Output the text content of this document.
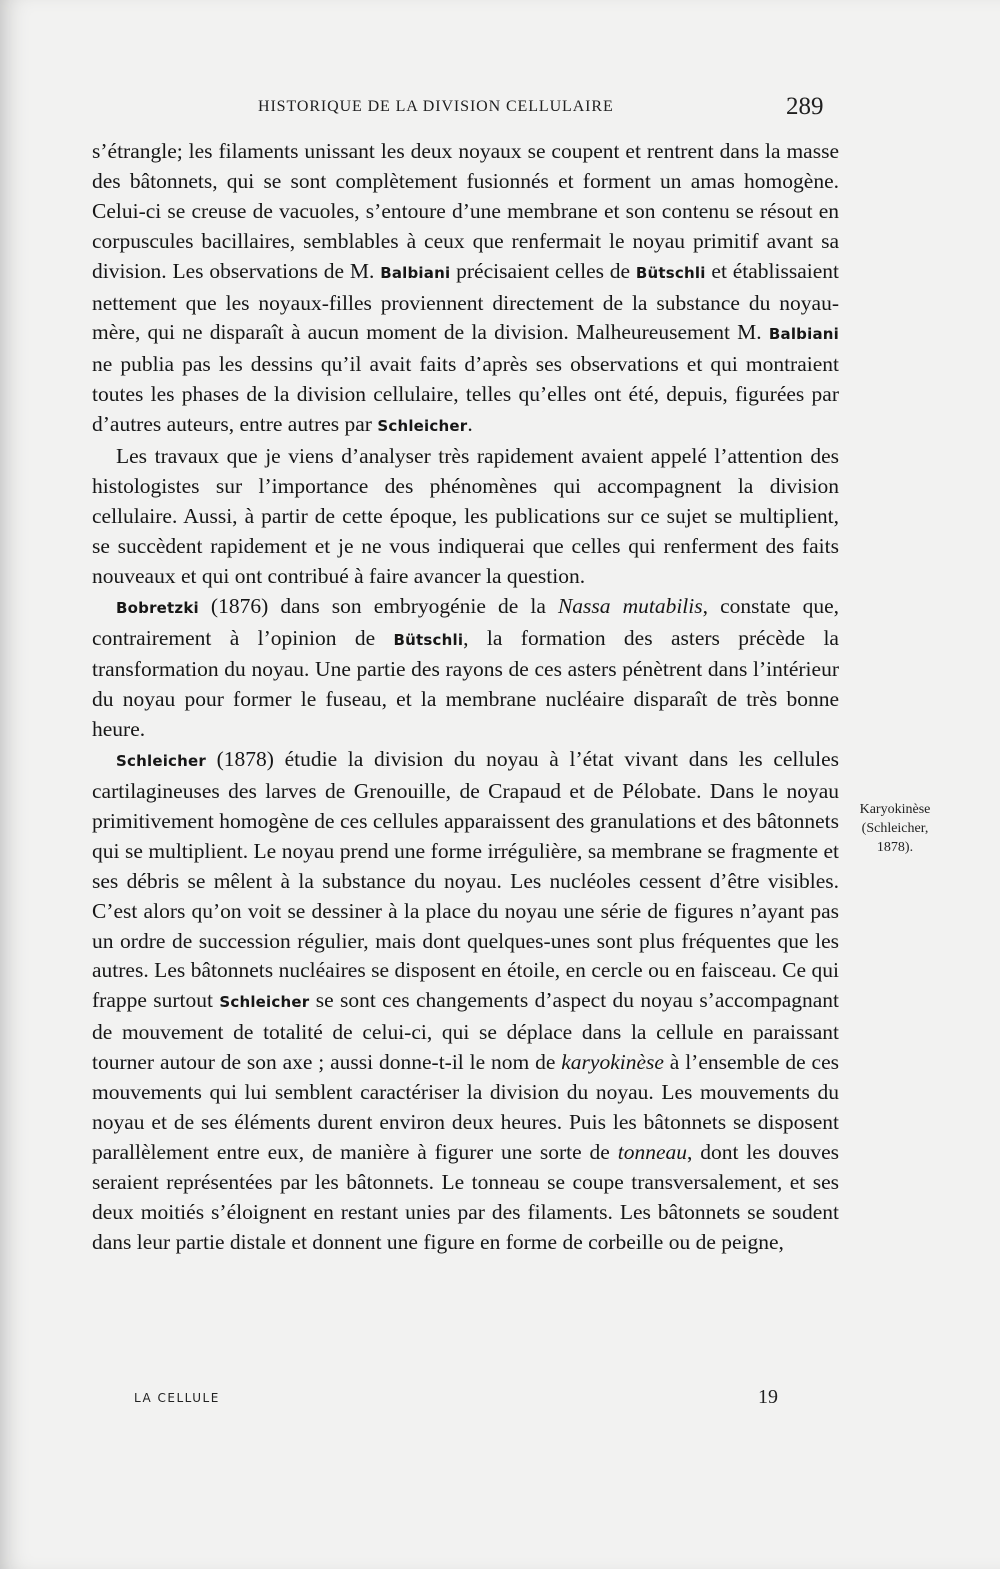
HISTORIQUE DE LA DIVISION CELLULAIRE	289

s’étrangle; les filaments unissant les deux noyaux se coupent et rentrent dans la masse des bâtonnets, qui se sont complètement fusionnés et forment un amas homogène. Celui-ci se creuse de vacuoles, s’entoure d’une membrane et son contenu se résout en corpuscules bacillaires, semblables à ceux que renfermait le noyau primitif avant sa division. Les observations de M. Balbiani précisaient celles de Bütschli et établissaient nettement que les noyaux-filles proviennent directement de la substance du noyau-mère, qui ne disparaît à aucun moment de la division. Malheureusement M. Balbiani ne publia pas les dessins qu’il avait faits d’après ses observations et qui montraient toutes les phases de la division cellulaire, telles qu’elles ont été, depuis, figurées par d’autres auteurs, entre autres par Schleicher.

Les travaux que je viens d’analyser très rapidement avaient appelé l’attention des histologistes sur l’importance des phénomènes qui accompagnent la division cellulaire. Aussi, à partir de cette époque, les publications sur ce sujet se multiplient, se succèdent rapidement et je ne vous indiquerai que celles qui renferment des faits nouveaux et qui ont contribué à faire avancer la question.

Bobretzki (1876) dans son embryogénie de la Nassa mutabilis, constate que, contrairement à l’opinion de Bütschli, la formation des asters précède la transformation du noyau. Une partie des rayons de ces asters pénètrent dans l’intérieur du noyau pour former le fuseau, et la membrane nucléaire disparaît de très bonne heure.

Schleicher (1878) étudie la division du noyau à l’état vivant dans les cellules cartilagineuses des larves de Grenouille, de Crapaud et de Pélobate. Dans le noyau primitivement homogène de ces cellules apparaissent des granulations et des bâtonnets qui se multiplient. Le noyau prend une forme irrégulière, sa membrane se fragmente et ses débris se mêlent à la substance du noyau. Les nucléoles cessent d’être visibles. C’est alors qu’on voit se dessiner à la place du noyau une série de figures n’ayant pas un ordre de succession régulier, mais dont quelques-unes sont plus fréquentes que les autres. Les bâtonnets nucléaires se disposent en étoile, en cercle ou en faisceau. Ce qui frappe surtout Schleicher se sont ces changements d’aspect du noyau s’accompagnant de mouvement de totalité de celui-ci, qui se déplace dans la cellule en paraissant tourner autour de son axe ; aussi donne-t-il le nom de karyokinèse à l’ensemble de ces mouvements qui lui semblent caractériser la division du noyau. Les mouvements du noyau et de ses éléments durent environ deux heures. Puis les bâtonnets se disposent parallèlement entre eux, de manière à figurer une sorte de tonneau, dont les douves seraient représentées par les bâtonnets. Le tonneau se coupe transversalement, et ses deux moitiés s’éloignent en restant unies par des filaments. Les bâtonnets se soudent dans leur partie distale et donnent une figure en forme de corbeille ou de peigne,

Karyokinèse
(Schleicher,
1878).
LA CELLULE	19
